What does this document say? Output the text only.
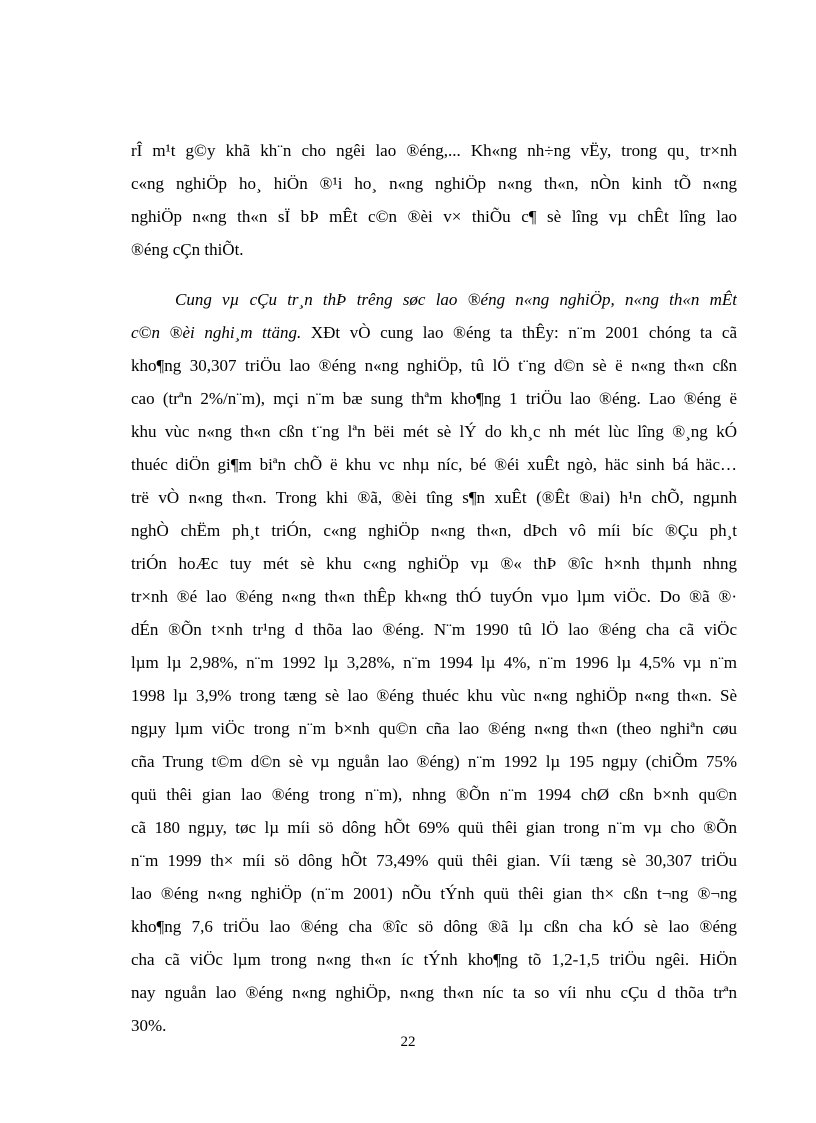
rÎ m¹t g©y khã kh¨n cho ngêi lao ®éng,... Kh«ng nh÷ng vËy, trong qu¸ tr×nh
c«ng nghiÖp ho¸ hiÖn ®¹i ho¸ n«ng nghiÖp n«ng th«n, nÒn kinh tÕ n«ng
nghiÖp n«ng th«n sÏ bÞ mÊt c©n ®èi v× thiÕu c¶ sè lîng vµ chÊt lîng lao
®éng cÇn thiÕt.
Cung vµ cÇu tr¸n thÞ trêng søc lao ®éng n«ng nghiÖp, n«ng th«n mÊt
c©n ®èi nghi¸m ttäng. XÐt vÒ cung lao ®éng ta thÊy: n¨m 2001 chóng ta cã
kho¶ng 30,307 triÖu lao ®éng n«ng nghiÖp, tû lÖ t¨ng d©n sè ë n«ng th«n cßn
cao (trªn 2%/n¨m), mçi n¨m bæ sung thªm kho¶ng 1 triÖu lao ®éng. Lao ®éng ë
khu vùc n«ng th«n cßn t¨ng lªn bëi mét sè lÝ do kh¸c nh mét lùc lîng ®¸ng kÓ
thuéc diÖn gi¶m biªn chÕ ë khu vc nhµ níc, bé ®éi xuÊt ngò, häc sinh bá häc…
trë vÒ n«ng th«n. Trong khi ®ã, ®èi tîng s¶n xuÊt (®Êt ®ai) h¹n chÕ, ngµnh
nghÒ chËm ph¸t triÓn, c«ng nghiÖp n«ng th«n, dÞch vô míi bíc ®Çu ph¸t
triÓn hoÆc tuy mét sè khu c«ng nghiÖp vµ ®« thÞ ®îc h×nh thµnh nhng
tr×nh ®é lao ®éng n«ng th«n thÊp kh«ng thÓ tuyÓn vµo lµm viÖc. Do ®ã ®·
dÉn ®Õn t×nh tr¹ng d thõa lao ®éng. N¨m 1990 tû lÖ lao ®éng cha cã viÖc
lµm lµ 2,98%, n¨m 1992 lµ 3,28%, n¨m 1994 lµ 4%, n¨m 1996 lµ 4,5% vµ n¨m
1998 lµ 3,9% trong tæng sè lao ®éng thuéc khu vùc n«ng nghiÖp n«ng th«n. Sè
ngµy lµm viÖc trong n¨m b×nh qu©n cña lao ®éng n«ng th«n (theo nghiªn cøu
cña Trung t©m d©n sè vµ nguån lao ®éng) n¨m 1992 lµ 195 ngµy (chiÕm 75%
quü thêi gian lao ®éng trong n¨m), nhng ®Õn n¨m 1994 chØ cßn b×nh qu©n
cã 180 ngµy, tøc lµ míi sö dông hÕt 69% quü thêi gian trong n¨m vµ cho ®Õn
n¨m 1999 th× míi sö dông hÕt 73,49% quü thêi gian. Víi tæng sè 30,307 triÖu
lao ®éng n«ng nghiÖp (n¨m 2001) nÕu tÝnh quü thêi gian th× cßn t¬ng ®¬ng
kho¶ng 7,6 triÖu lao ®éng cha ®îc sö dông ®ã lµ cßn cha kÓ sè lao ®éng
cha cã viÖc lµm trong n«ng th«n íc tÝnh kho¶ng tõ 1,2-1,5 triÖu ngêi. HiÖn
nay nguån lao ®éng n«ng nghiÖp, n«ng th«n níc ta so víi nhu cÇu d thõa trªn
30%.
22
